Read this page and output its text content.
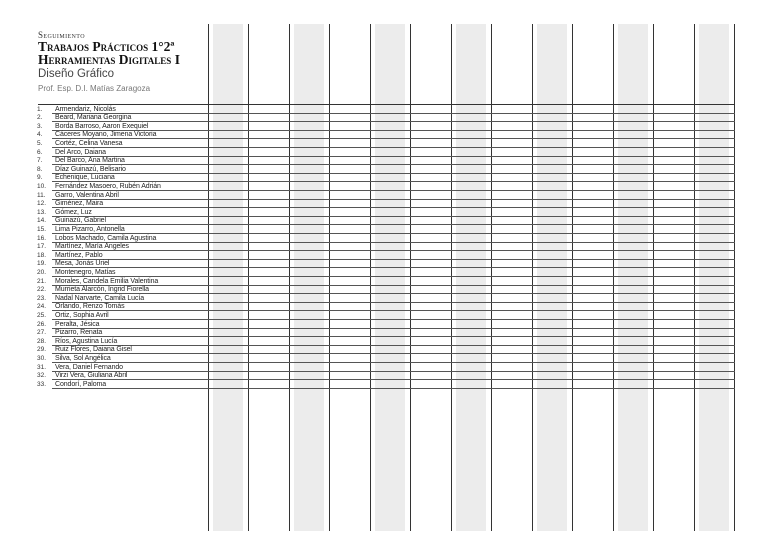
Seguimiento
Trabajos Prácticos 1°2ª
Herramientas Digitales I
Diseño Gráfico
Prof. Esp. D.I. Matías Zaragoza
1.	Armendariz, Nicolás
2.	Beard, Mariana Georgina
3.	Borda Barroso, Aaron Exequiel
4.	Cáceres Moyano, Jimena Victoria
5.	Cortéz, Celina Vanesa
6.	Del Arco, Daiana
7.	Del Barco, Ana Martina
8.	Díaz Guinazú, Belisario
9.	Echenique, Luciana
10.	Fernández Masoero, Rubén Adrián
11.	Garro, Valentina Abril
12.	Giménez, Maira
13.	Gómez, Luz
14.	Guinazú, Gabriel
15.	Lima Pizarro, Antonella
16.	Lobos Machado, Camila Agustina
17.	Martínez, María Ángeles
18.	Martínez, Pablo
19.	Mesa, Jonás Uriel
20.	Montenegro, Matías
21.	Morales, Candela Emilia Valentina
22.	Murrieta Alarcón, Ingrid Fiorella
23.	Nadal Narvarte, Camila Lucía
24.	Orlando, Renzo Tomás
25.	Ortiz, Sophia Avril
26.	Peralta, Jésica
27.	Pizarro, Renata
28.	Ríos, Agustina Lucía
29.	Ruiz Flores, Daiana Gisel
30.	Silva, Sol Angélica
31.	Vera, Daniel Fernando
32.	Virzi Vera, Giuliana Abril
33.	Condorí, Paloma
